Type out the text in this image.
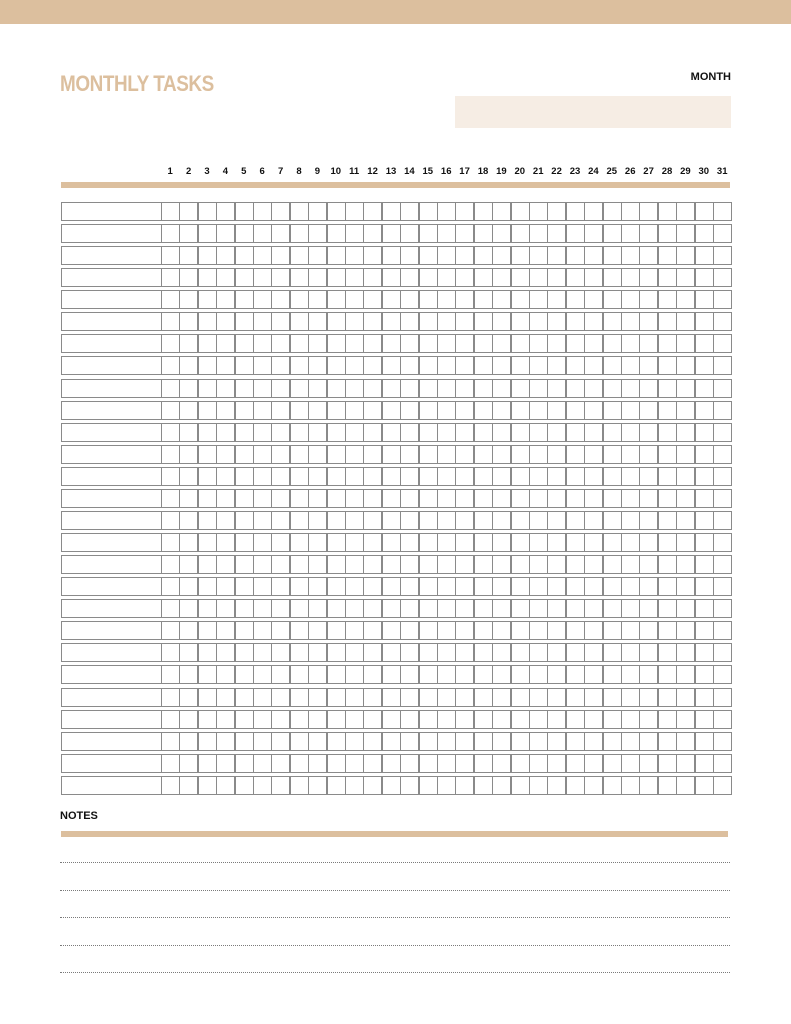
MONTHLY TASKS	MONTH
1	2	3	4	5	6	7	8	9	10 11 12 13 14 15 16 17 18 19 20 21 22 23 24 25 26 27 28 29 30 31
NOTES
